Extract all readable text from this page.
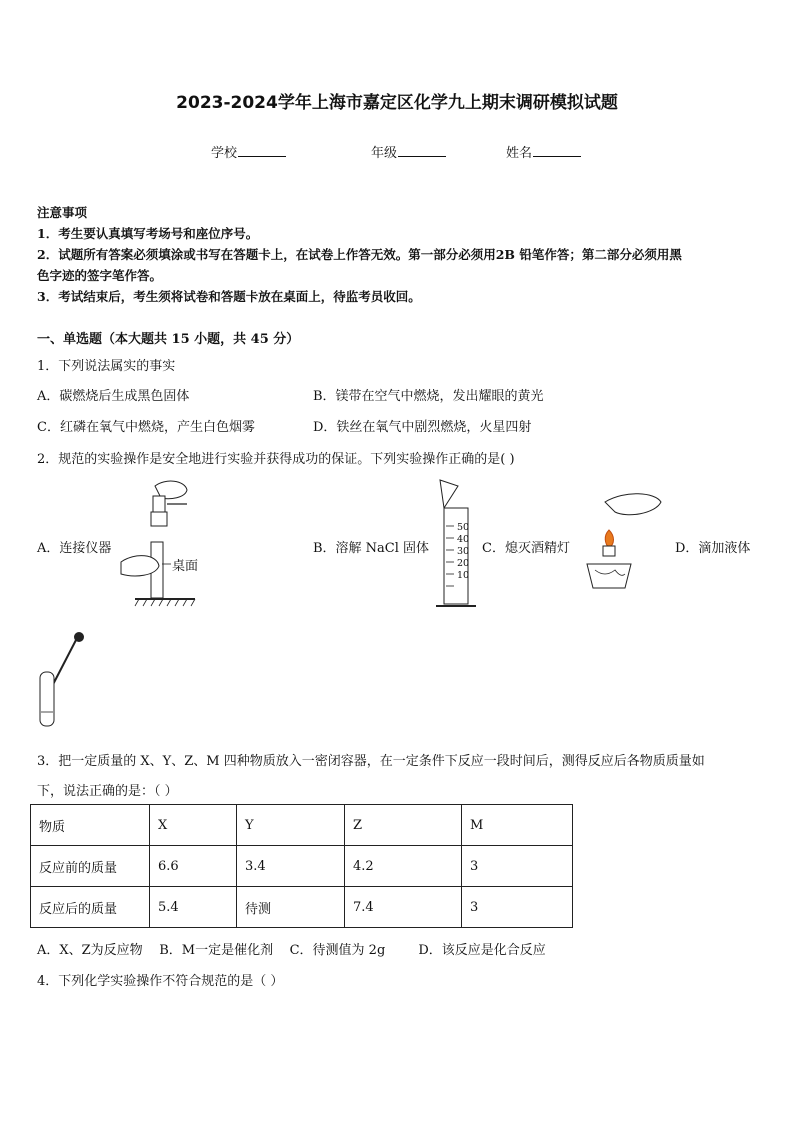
2023-2024学年上海市嘉定区化学九上期末调研模拟试题
学校	年级	姓名
注意事项
1．考生要认真填写考场号和座位序号。
2．试题所有答案必须填涂或书写在答题卡上，在试卷上作答无效。第一部分必须用2B 铅笔作答；第二部分必须用黑
色字迹的签字笔作答。
3．考试结束后，考生须将试卷和答题卡放在桌面上，待监考员收回。
一、单选题（本大题共 15 小题，共 45 分）
1．下列说法属实的事实
A．碳燃烧后生成黑色固体	B．镁带在空气中燃烧，发出耀眼的黄光
C．红磷在氧气中燃烧，产生白色烟雾	D．铁丝在氧气中剧烈燃烧，火星四射
2．规范的实验操作是安全地进行实验并获得成功的保证。下列实验操作正确的是( )
A．连接仪器	B．溶解 NaCl 固体	C．熄灭酒精灯	D．滴加液体
桌面
50
40
30
20
10
3．把一定质量的 X、Y、Z、M 四种物质放入一密闭容器，在一定条件下反应一段时间后，测得反应后各物质质量如
下，说法正确的是：（ ）
物质	X	Y	Z	M
反应前的质量	6.6	3.4	4.2	3
反应后的质量	5.4	待测	7.4	3
A．X、Z为反应物    B．M一定是催化剂    C．待测值为 2g        D．该反应是化合反应
4．下列化学实验操作不符合规范的是（ ）
